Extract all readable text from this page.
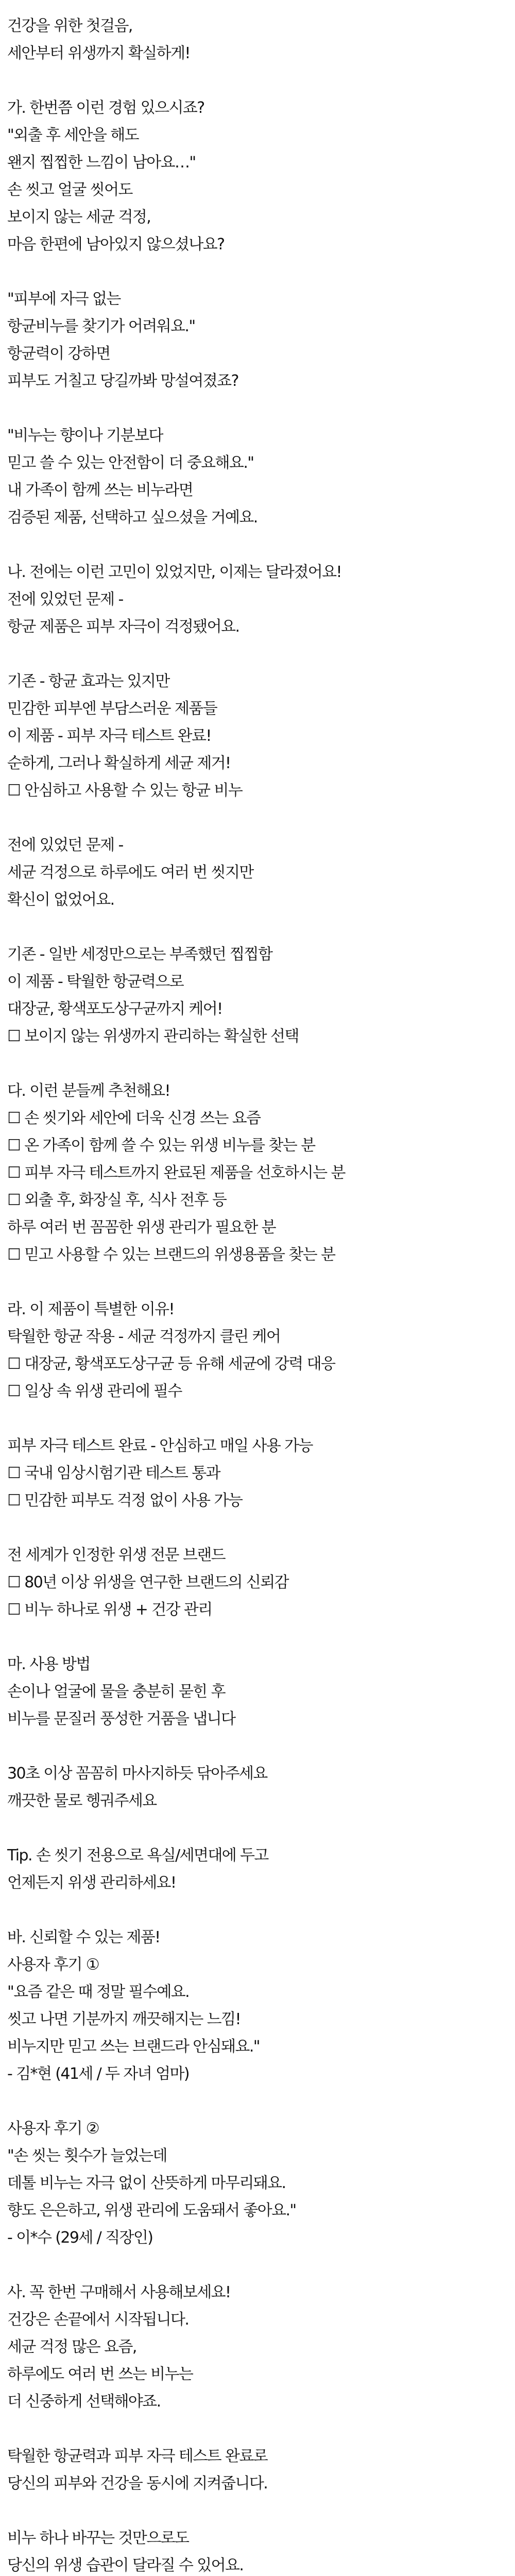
건강을 위한 첫걸음,
세안부터 위생까지 확실하게!
가. 한번쯤 이런 경험 있으시죠?
"외출 후 세안을 해도
왠지 찝찝한 느낌이 남아요…"
손 씻고 얼굴 씻어도
보이지 않는 세균 걱정,
마음 한편에 남아있지 않으셨나요?
"피부에 자극 없는
항균비누를 찾기가 어려워요."
항균력이 강하면
피부도 거칠고 당길까봐 망설여졌죠?
"비누는 향이나 기분보다
믿고 쓸 수 있는 안전함이 더 중요해요."
내 가족이 함께 쓰는 비누라면
검증된 제품, 선택하고 싶으셨을 거예요.
나. 전에는 이런 고민이 있었지만, 이제는 달라졌어요!
전에 있었던 문제 -
항균 제품은 피부 자극이 걱정됐어요.
기존 - 항균 효과는 있지만
민감한 피부엔 부담스러운 제품들
이 제품 - 피부 자극 테스트 완료!
순하게, 그러나 확실하게 세균 제거!
☐ 안심하고 사용할 수 있는 항균 비누
전에 있었던 문제 -
세균 걱정으로 하루에도 여러 번 씻지만
확신이 없었어요.
기존 - 일반 세정만으로는 부족했던 찝찝함
이 제품 - 탁월한 항균력으로
대장균, 황색포도상구균까지 케어!
☐ 보이지 않는 위생까지 관리하는 확실한 선택
다. 이런 분들께 추천해요!
☐ 손 씻기와 세안에 더욱 신경 쓰는 요즘
☐ 온 가족이 함께 쓸 수 있는 위생 비누를 찾는 분
☐ 피부 자극 테스트까지 완료된 제품을 선호하시는 분
☐ 외출 후, 화장실 후, 식사 전후 등
하루 여러 번 꼼꼼한 위생 관리가 필요한 분
☐ 믿고 사용할 수 있는 브랜드의 위생용품을 찾는 분
라. 이 제품이 특별한 이유!
탁월한 항균 작용 - 세균 걱정까지 클린 케어
☐ 대장균, 황색포도상구균 등 유해 세균에 강력 대응
☐ 일상 속 위생 관리에 필수
피부 자극 테스트 완료 - 안심하고 매일 사용 가능
☐ 국내 임상시험기관 테스트 통과
☐ 민감한 피부도 걱정 없이 사용 가능
전 세계가 인정한 위생 전문 브랜드
☐ 80년 이상 위생을 연구한 브랜드의 신뢰감
☐ 비누 하나로 위생 + 건강 관리
마. 사용 방법
손이나 얼굴에 물을 충분히 묻힌 후
비누를 문질러 풍성한 거품을 냅니다
30초 이상 꼼꼼히 마사지하듯 닦아주세요
깨끗한 물로 헹궈주세요
Tip. 손 씻기 전용으로 욕실/세면대에 두고
언제든지 위생 관리하세요!
바. 신뢰할 수 있는 제품!
사용자 후기 ①
"요즘 같은 때 정말 필수예요.
씻고 나면 기분까지 깨끗해지는 느낌!
비누지만 믿고 쓰는 브랜드라 안심돼요."
- 김*현 (41세 / 두 자녀 엄마)
사용자 후기 ②
"손 씻는 횟수가 늘었는데
데톨 비누는 자극 없이 산뜻하게 마무리돼요.
향도 은은하고, 위생 관리에 도움돼서 좋아요."
- 이*수 (29세 / 직장인)
사. 꼭 한번 구매해서 사용해보세요!
건강은 손끝에서 시작됩니다.
세균 걱정 많은 요즘,
하루에도 여러 번 쓰는 비누는
더 신중하게 선택해야죠.
탁월한 항균력과 피부 자극 테스트 완료로
당신의 피부와 건강을 동시에 지켜줍니다.
비누 하나 바꾸는 것만으로도
당신의 위생 습관이 달라질 수 있어요.
